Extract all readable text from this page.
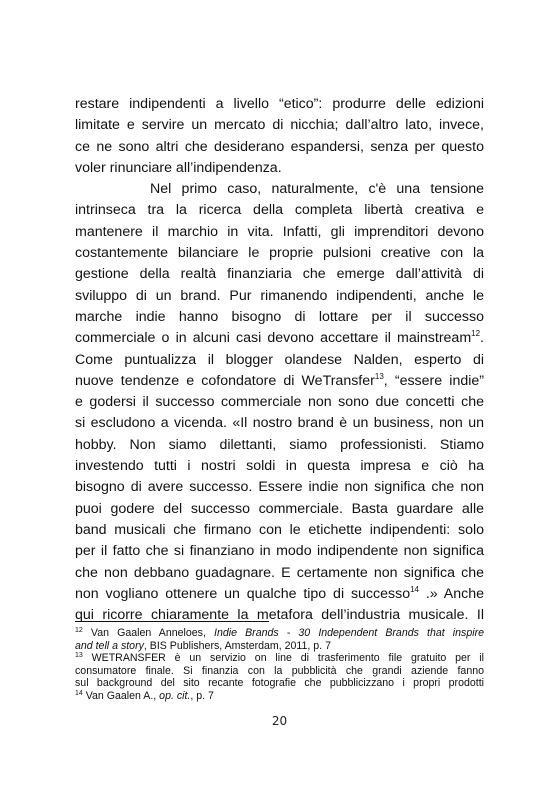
restare indipendenti a livello “etico”: produrre delle edizioni
limitate e servire un mercato di nicchia; dall’altro lato, invece,
ce ne sono altri che desiderano espandersi, senza per questo
voler rinunciare all’indipendenza.
Nel primo caso, naturalmente, c'è una tensione
intrinseca tra la ricerca della completa libertà creativa e
mantenere il marchio in vita. Infatti, gli imprenditori devono
costantemente bilanciare le proprie pulsioni creative con la
gestione della realtà finanziaria che emerge dall’attività di
sviluppo di un brand. Pur rimanendo indipendenti, anche le
marche indie hanno bisogno di lottare per il successo
commerciale o in alcuni casi devono accettare il mainstream$^{12}$.
Come puntualizza il blogger olandese Nalden, esperto di
nuove tendenze e cofondatore di WeTransfer$^{13}$, “essere indie”
e godersi il successo commerciale non sono due concetti che
si escludono a vicenda. «Il nostro brand è un business, non un
hobby. Non siamo dilettanti, siamo professionisti. Stiamo
investendo tutti i nostri soldi in questa impresa e ciò ha
bisogno di avere successo. Essere indie non significa che non
puoi godere del successo commerciale. Basta guardare alle
band musicali che firmano con le etichette indipendenti: solo
per il fatto che si finanziano in modo indipendente non significa
che non debbano guadagnare. E certamente non significa che
non vogliano ottenere un qualche tipo di successo$^{14}$ .» Anche
qui ricorre chiaramente la metafora dell’industria musicale. Il
$^{12}$ Van Gaalen Anneloes, Indie Brands - 30 Independent Brands that inspire
and tell a story, BIS Publishers, Amsterdam, 2011, p. 7
$^{13}$ WETRANSFER è un servizio on line di trasferimento file gratuito per il
consumatore finale. Si finanzia con la pubblicità che grandi aziende fanno
sul background del sito recante fotografie che pubblicizzano i propri prodotti
$^{14}$ Van Gaalen A., op. cit., p. 7
20
